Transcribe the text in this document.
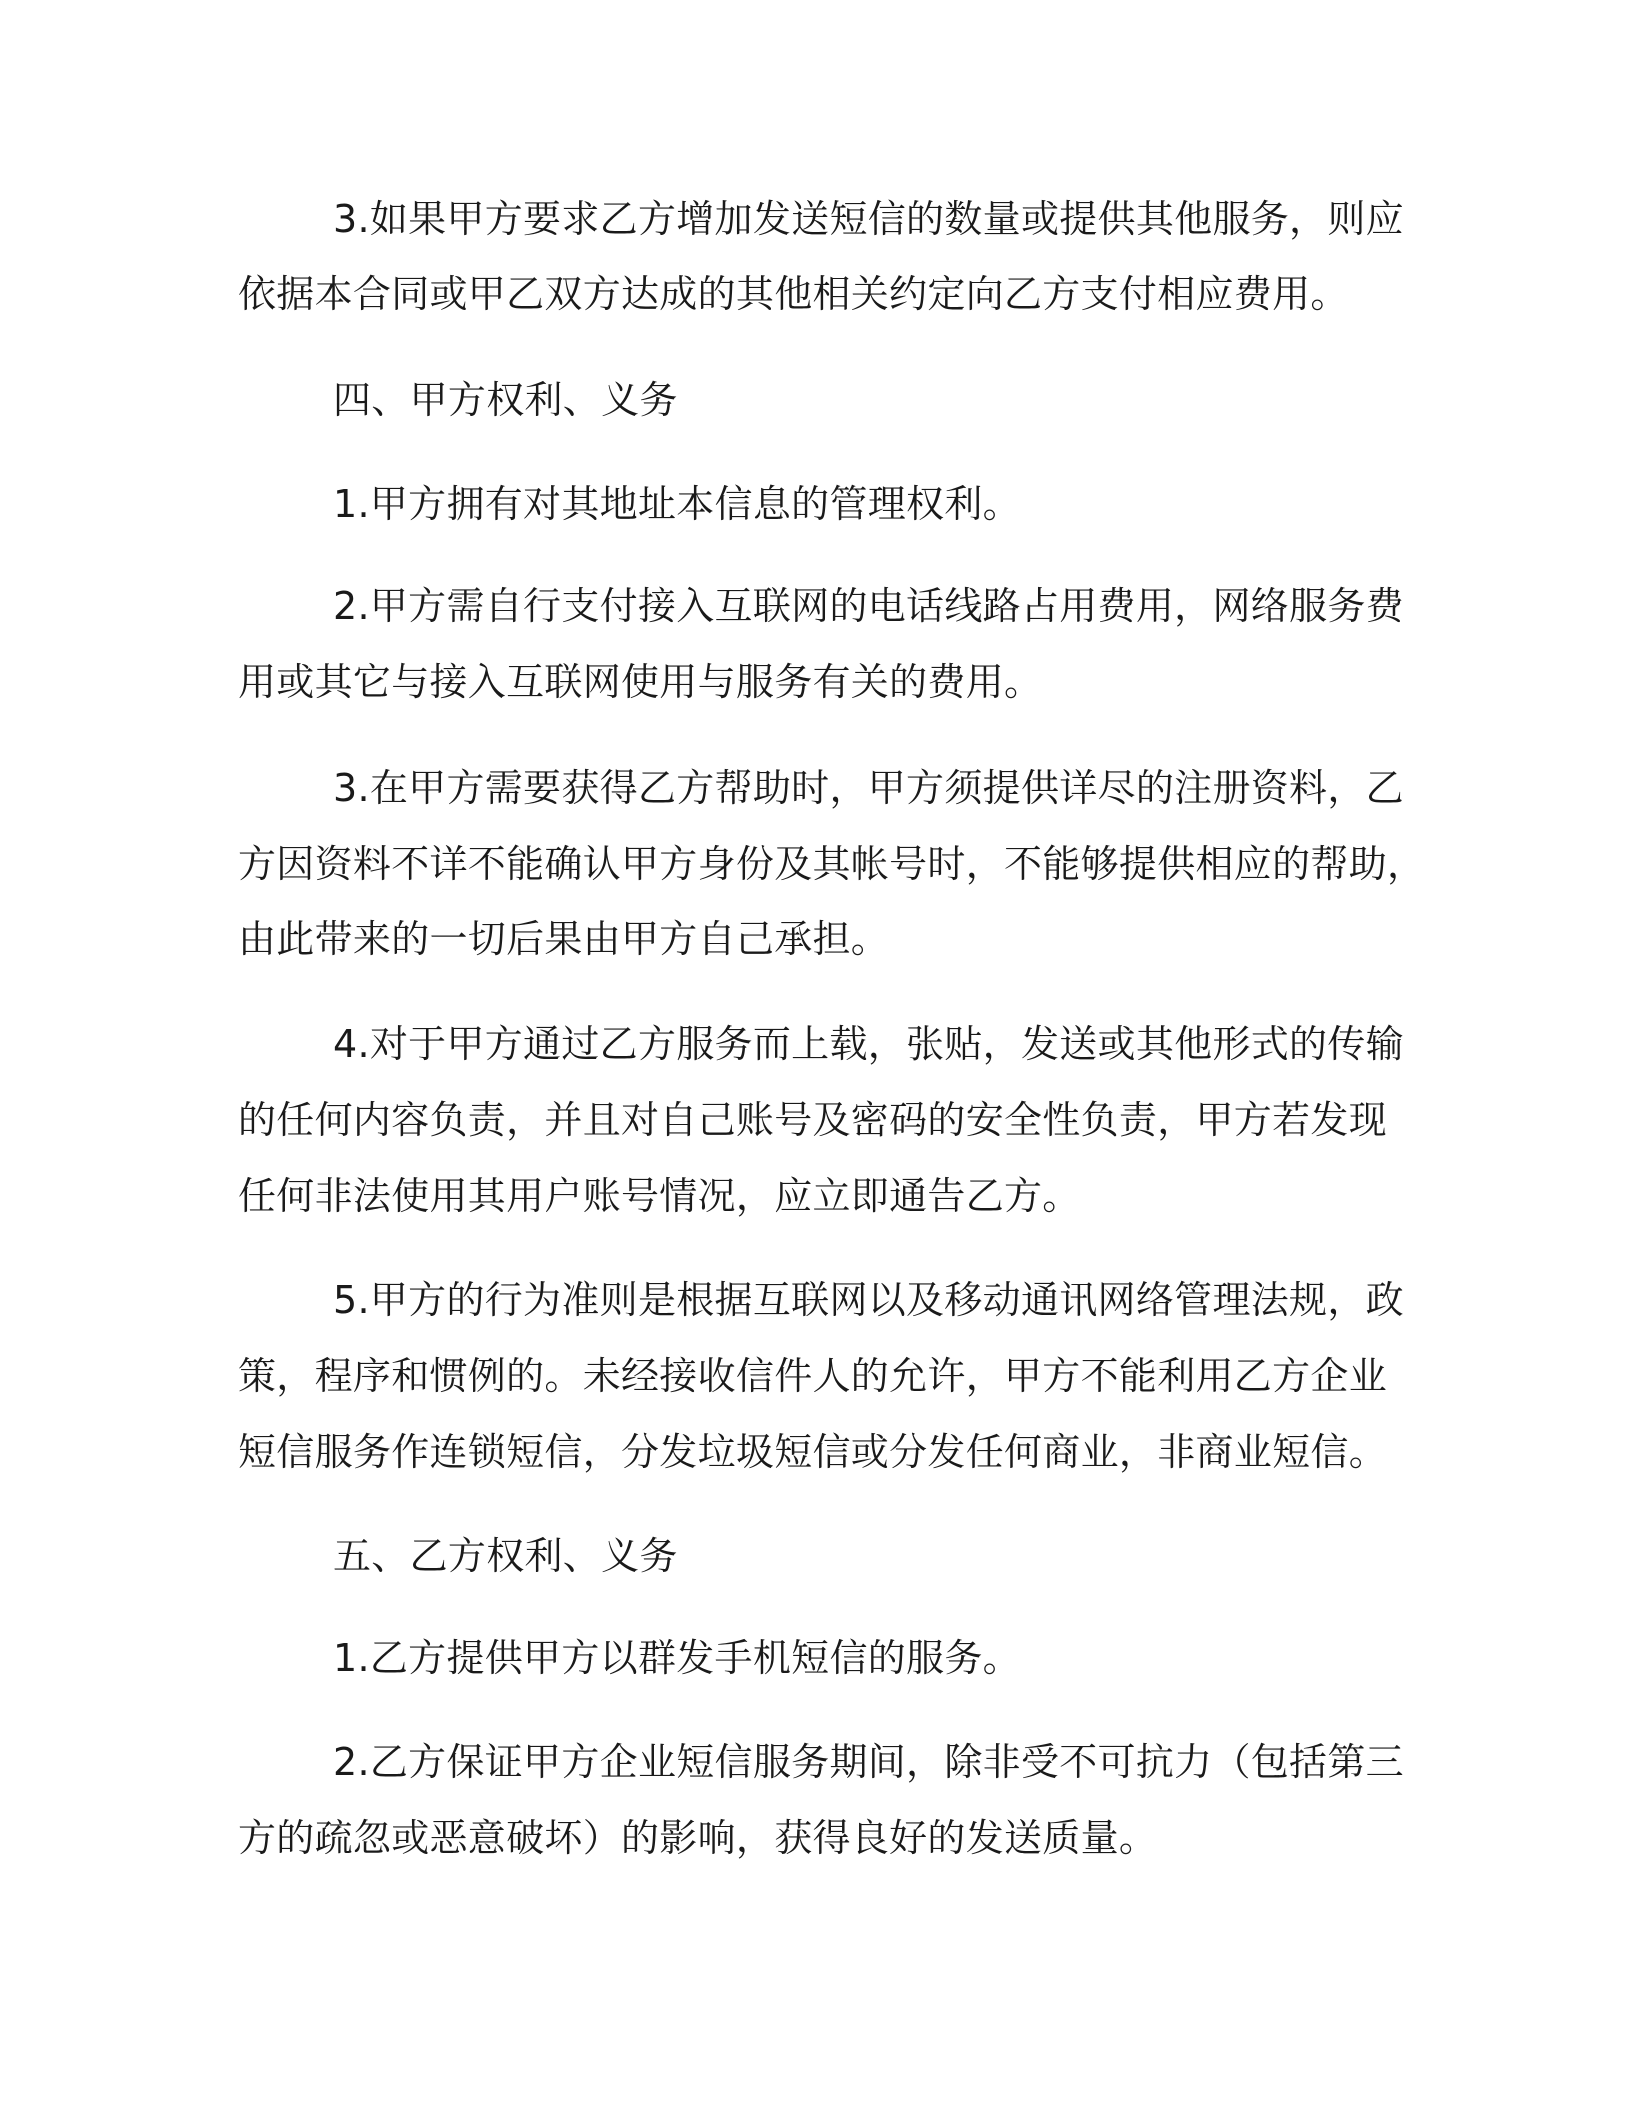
3.如果甲方要求乙方增加发送短信的数量或提供其他服务，则应
依据本合同或甲乙双方达成的其他相关约定向乙方支付相应费用。
四、甲方权利、义务
1.甲方拥有对其地址本信息的管理权利。
2.甲方需自行支付接入互联网的电话线路占用费用，网络服务费
用或其它与接入互联网使用与服务有关的费用。
3.在甲方需要获得乙方帮助时，甲方须提供详尽的注册资料，乙
方因资料不详不能确认甲方身份及其帐号时，不能够提供相应的帮助，
由此带来的一切后果由甲方自己承担。
4.对于甲方通过乙方服务而上载，张贴，发送或其他形式的传输
的任何内容负责，并且对自己账号及密码的安全性负责，甲方若发现
任何非法使用其用户账号情况，应立即通告乙方。
5.甲方的行为准则是根据互联网以及移动通讯网络管理法规，政
策，程序和惯例的。未经接收信件人的允许，甲方不能利用乙方企业
短信服务作连锁短信，分发垃圾短信或分发任何商业，非商业短信。
五、乙方权利、义务
1.乙方提供甲方以群发手机短信的服务。
2.乙方保证甲方企业短信服务期间，除非受不可抗力（包括第三
方的疏忽或恶意破坏）的影响，获得良好的发送质量。
